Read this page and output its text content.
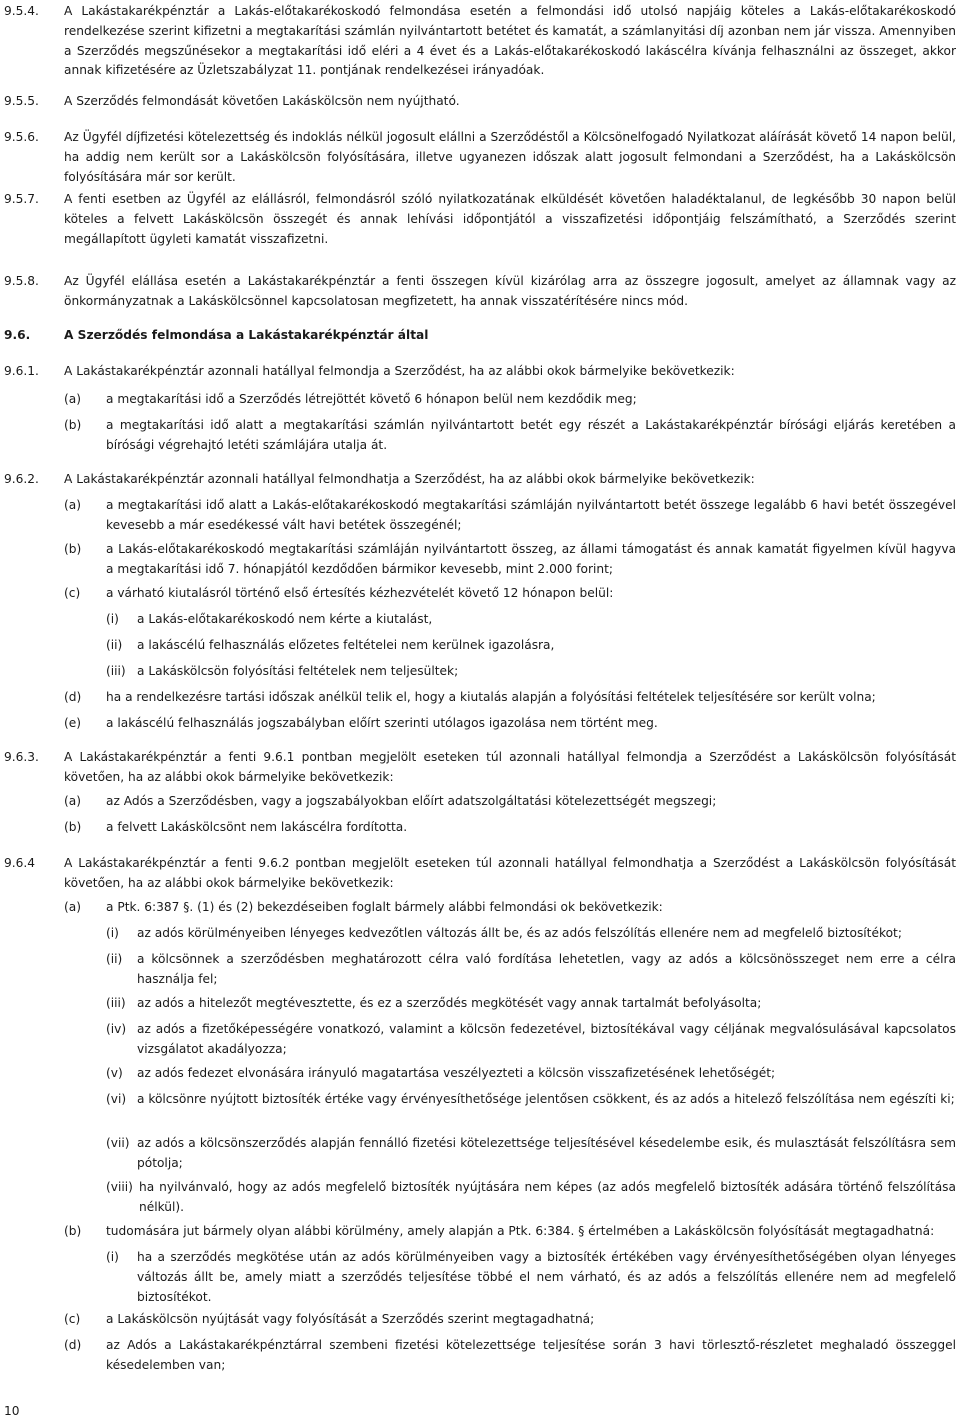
9.5.4. A Lakástakarékpénztár a Lakás-előtakarékoskodó felmondása esetén a felmondási idő utolsó napjáig köteles a Lakás-előtakarékoskodó rendelkezése szerint kifizetni a megtakarítási számlán nyilvántartott betétet és kamatát, a számlanyitási díj azonban nem jár vissza. Amennyiben a Szerződés megszűnésekor a megtakarítási idő eléri a 4 évet és a Lakás-előtakarékoskodó lakáscélra kívánja felhasználni az összeget, akkor annak kifizetésére az Üzletszabályzat 11. pontjának rendelkezései irányadóak.
9.5.5. A Szerződés felmondását követően Lakáskölcsön nem nyújtható.
9.5.6. Az Ügyfél díjfizetési kötelezettség és indoklás nélkül jogosult elállni a Szerződéstől a Kölcsönelfogadó Nyilatkozat aláírását követő 14 napon belül, ha addig nem került sor a Lakáskölcsön folyósítására, illetve ugyanezen időszak alatt jogosult felmondani a Szerződést, ha a Lakáskölcsön folyósítására már sor került.
9.5.7. A fenti esetben az Ügyfél az elállásról, felmondásról szóló nyilatkozatának elküldését követően haladéktalanul, de legkésőbb 30 napon belül köteles a felvett Lakáskölcsön összegét és annak lehívási időpontjától a visszafizetési időpontjáig felszámítható, a Szerződés szerint megállapított ügyleti kamatát visszafizetni.
9.5.8. Az Ügyfél elállása esetén a Lakástakarékpénztár a fenti összegen kívül kizárólag arra az összegre jogosult, amelyet az államnak vagy az önkormányzatnak a Lakáskölcsönnel kapcsolatosan megfizetett, ha annak visszatérítésére nincs mód.
9.6.	A Szerződés felmondása a Lakástakarékpénztár által
9.6.1. A Lakástakarékpénztár azonnali hatállyal felmondja a Szerződést, ha az alábbi okok bármelyike bekövetkezik:
(a) a megtakarítási idő a Szerződés létrejöttét követő 6 hónapon belül nem kezdődik meg;
(b) a megtakarítási idő alatt a megtakarítási számlán nyilvántartott betét egy részét a Lakástakarékpénztár bírósági eljárás keretében a bírósági végrehajtó letéti számlájára utalja át.
9.6.2. A Lakástakarékpénztár azonnali hatállyal felmondhatja a Szerződést, ha az alábbi okok bármelyike bekövetkezik:
(a) a megtakarítási idő alatt a Lakás-előtakarékoskodó megtakarítási számláján nyilvántartott betét összege legalább 6 havi betét összegével kevesebb a már esedékessé vált havi betétek összegénél;
(b) a Lakás-előtakarékoskodó megtakarítási számláján nyilvántartott összeg, az állami támogatást és annak kamatát figyelmen kívül hagyva a megtakarítási idő 7. hónapjától kezdődően bármikor kevesebb, mint 2.000 forint;
(c) a várható kiutalásról történő első értesítés kézhezvételét követő 12 hónapon belül:
(i) a Lakás-előtakarékoskodó nem kérte a kiutalást,
(ii) a lakáscélú felhasználás előzetes feltételei nem kerülnek igazolásra,
(iii) a Lakáskölcsön folyósítási feltételek nem teljesültek;
(d) ha a rendelkezésre tartási időszak anélkül telik el, hogy a kiutalás alapján a folyósítási feltételek teljesítésére sor került volna;
(e) a lakáscélú felhasználás jogszabályban előírt szerinti utólagos igazolása nem történt meg.
9.6.3. A Lakástakarékpénztár a fenti 9.6.1 pontban megjelölt eseteken túl azonnali hatállyal felmondja a Szerződést a Lakáskölcsön folyósítását követően, ha az alábbi okok bármelyike bekövetkezik:
(a) az Adós a Szerződésben, vagy a jogszabályokban előírt adatszolgáltatási kötelezettségét megszegi;
(b) a felvett Lakáskölcsönt nem lakáscélra fordította.
9.6.4 A Lakástakarékpénztár a fenti 9.6.2 pontban megjelölt eseteken túl azonnali hatállyal felmondhatja a Szerződést a Lakáskölcsön folyósítását követően, ha az alábbi okok bármelyike bekövetkezik:
(a) a Ptk. 6:387 §. (1) és (2) bekezdéseiben foglalt bármely alábbi felmondási ok bekövetkezik:
(i) az adós körülményeiben lényeges kedvezőtlen változás állt be, és az adós felszólítás ellenére nem ad megfelelő biztosítékot;
(ii) a kölcsönnek a szerződésben meghatározott célra való fordítása lehetetlen, vagy az adós a kölcsönösszeget nem erre a célra használja fel;
(iii) az adós a hitelezőt megtévesztette, és ez a szerződés megkötését vagy annak tartalmát befolyásolta;
(iv) az adós a fizetőképességére vonatkozó, valamint a kölcsön fedezetével, biztosítékával vagy céljának megvalósulásával kapcsolatos vizsgálatot akadályozza;
(v) az adós fedezet elvonására irányuló magatartása veszélyezteti a kölcsön visszafizetésének lehetőségét;
(vi) a kölcsönre nyújtott biztosíték értéke vagy érvényesíthetősége jelentősen csökkent, és az adós a hitelező felszólítása nem egészíti ki;
(vii) az adós a kölcsönszerződés alapján fennálló fizetési kötelezettsége teljesítésével késedelembe esik, és mulasztását felszólításra sem pótolja;
(viii) ha nyilvánvaló, hogy az adós megfelelő biztosíték nyújtására nem képes (az adós megfelelő biztosíték adására történő felszólítása nélkül).
(b) tudomására jut bármely olyan alábbi körülmény, amely alapján a Ptk. 6:384. § értelmében a Lakáskölcsön folyósítását megtagadhatná:
(i) ha a szerződés megkötése után az adós körülményeiben vagy a biztosíték értékében vagy érvényesíthetőségében olyan lényeges változás állt be, amely miatt a szerződés teljesítése többé el nem várható, és az adós a felszólítás ellenére nem ad megfelelő biztosítékot.
(c) a Lakáskölcsön nyújtását vagy folyósítását a Szerződés szerint megtagadhatná;
(d) az Adós a Lakástakarékpénztárral szembeni fizetési kötelezettsége teljesítése során 3 havi törlesztő-részletet meghaladó összeggel késedelemben van;
10
